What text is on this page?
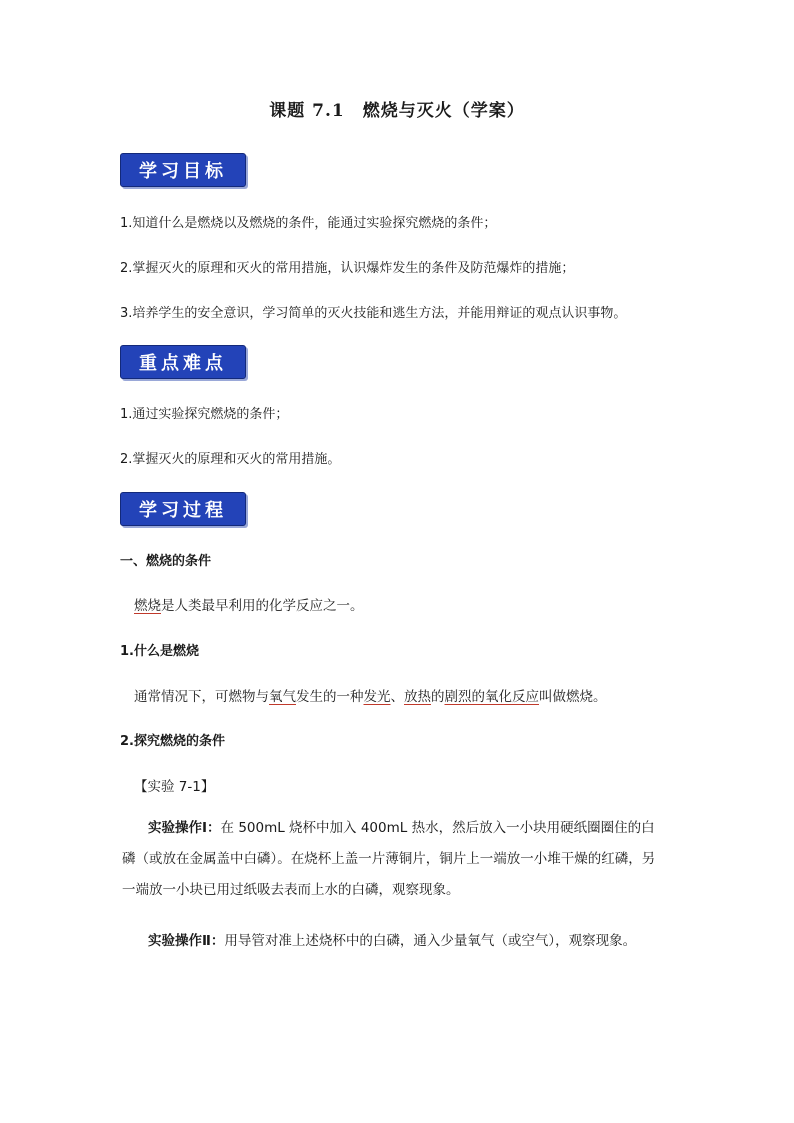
课题 7.1　燃烧与灭火（学案）
学习目标
1.知道什么是燃烧以及燃烧的条件，能通过实验探究燃烧的条件；
2.掌握灭火的原理和灭火的常用措施，认识爆炸发生的条件及防范爆炸的措施；
3.培养学生的安全意识，学习简单的灭火技能和逃生方法，并能用辩证的观点认识事物。
重点难点
1.通过实验探究燃烧的条件；
2.掌握灭火的原理和灭火的常用措施。
学习过程
一、燃烧的条件
燃烧是人类最早利用的化学反应之一。
1.什么是燃烧
通常情况下，可燃物与氧气发生的一种发光、放热的剧烈的氧化反应叫做燃烧。
2.探究燃烧的条件
【实验 7-1】
实验操作Ⅰ：在 500mL 烧杯中加入 400mL 热水，然后放入一小块用硬纸圈圈住的白磷（或放在金属盖中白磷）。在烧杯上盖一片薄铜片，铜片上一端放一小堆干燥的红磷，另一端放一小块已用过纸吸去表而上水的白磷，观察现象。
实验操作Ⅱ：用导管对准上述烧杯中的白磷，通入少量氧气（或空气），观察现象。
